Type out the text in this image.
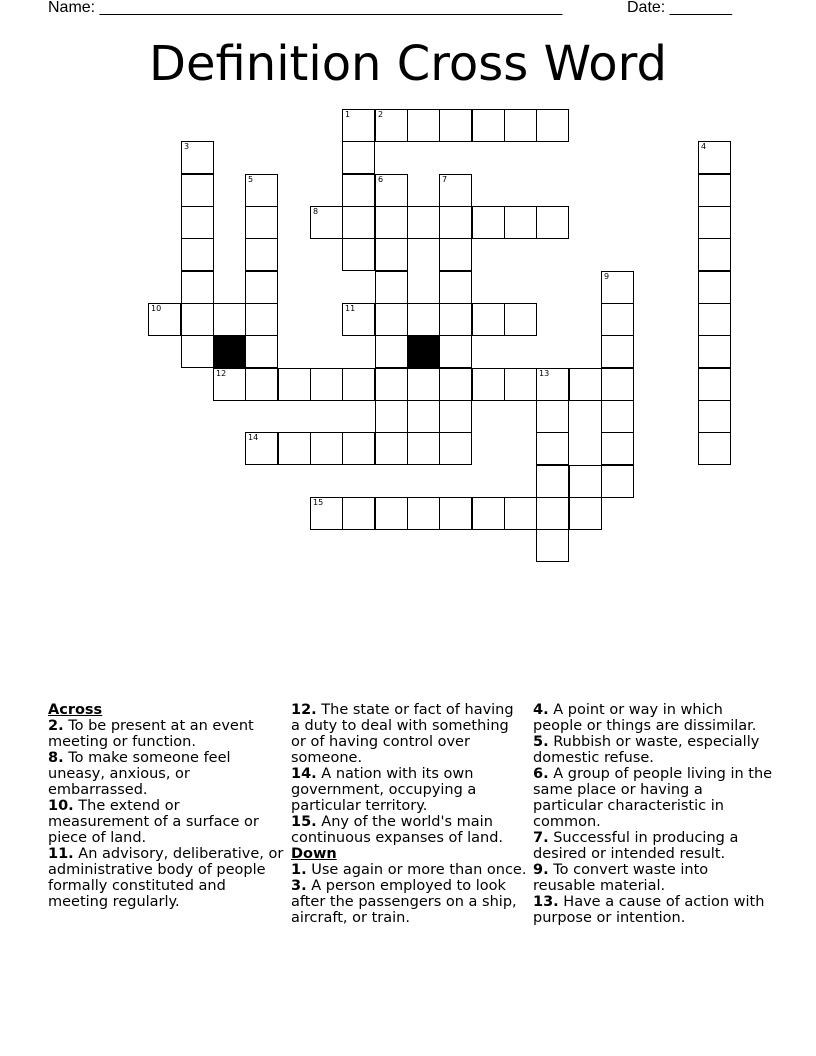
Name: ____________________________________________________	Date: _______
Definition Cross Word
1	2
3	4
5	6	7
8
9
10	11
12	13
14
15
Across
2. To be present at an event meeting or function.
8. To make someone feel uneasy, anxious, or embarrassed.
10. The extend or measurement of a surface or piece of land.
11. An advisory, deliberative, or administrative body of people formally constituted and meeting regularly.
12. The state or fact of having a duty to deal with something or of having control over someone.
14. A nation with its own government, occupying a particular territory.
15. Any of the world's main continuous expanses of land.
Down
1. Use again or more than once.
3. A person employed to look after the passengers on a ship, aircraft, or train.
4. A point or way in which people or things are dissimilar.
5. Rubbish or waste, especially domestic refuse.
6. A group of people living in the same place or having a particular characteristic in common.
7. Successful in producing a desired or intended result.
9. To convert waste into reusable material.
13. Have a cause of action with purpose or intention.
